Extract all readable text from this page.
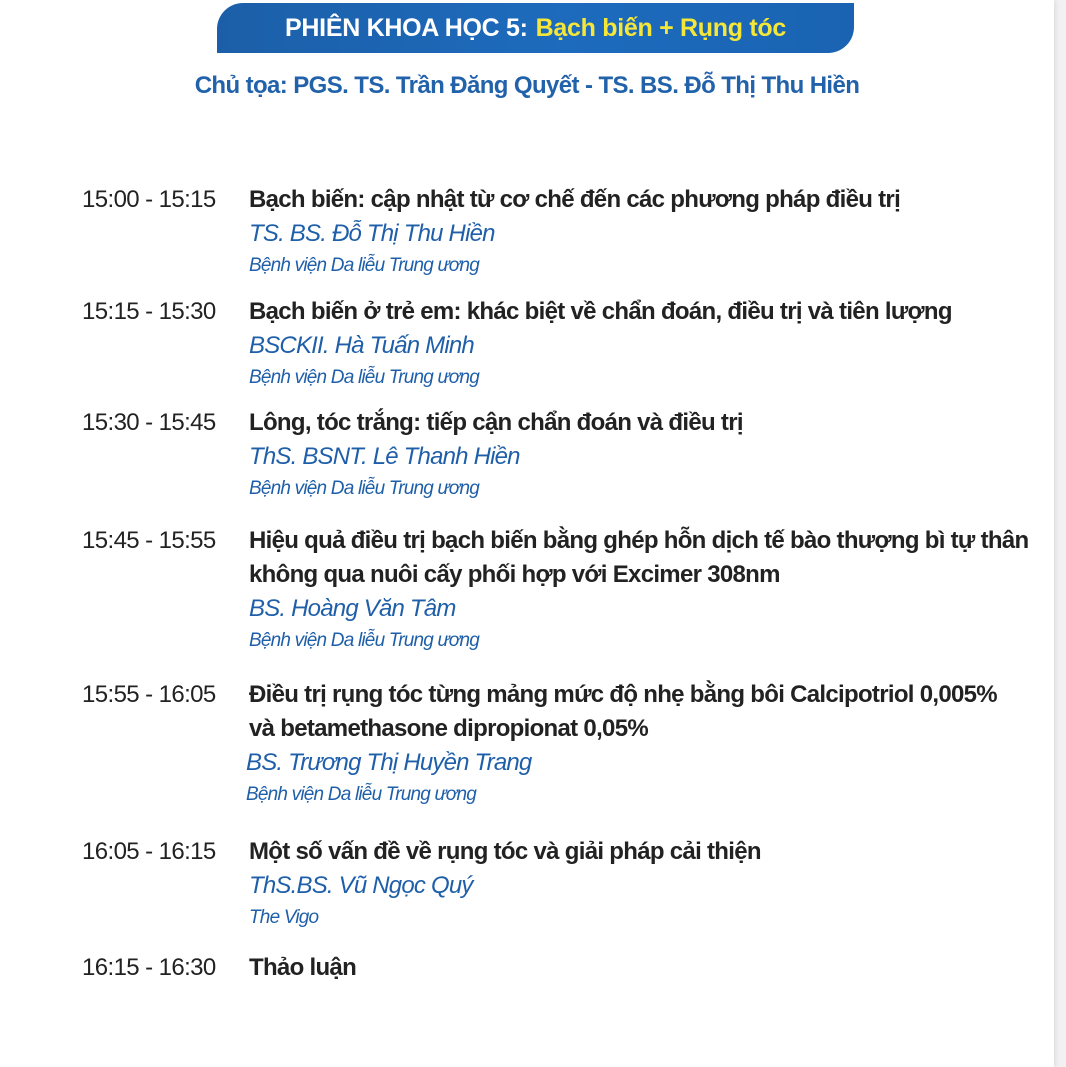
PHIÊN KHOA HỌC 5: Bạch biến + Rụng tóc
Chủ tọa: PGS. TS. Trần Đăng Quyết - TS. BS. Đỗ Thị Thu Hiền
15:00 - 15:15 Bạch biến: cập nhật từ cơ chế đến các phương pháp điều trị
TS. BS. Đỗ Thị Thu Hiền
Bệnh viện Da liễu Trung ương
15:15 - 15:30 Bạch biến ở trẻ em: khác biệt về chẩn đoán, điều trị và tiên lượng
BSCKII. Hà Tuấn Minh
Bệnh viện Da liễu Trung ương
15:30 - 15:45 Lông, tóc trắng: tiếp cận chẩn đoán và điều trị
ThS. BSNT. Lê Thanh Hiền
Bệnh viện Da liễu Trung ương
15:45 - 15:55 Hiệu quả điều trị bạch biến bằng ghép hỗn dịch tế bào thượng bì tự thân
không qua nuôi cấy phối hợp với Excimer 308nm
BS. Hoàng Văn Tâm
Bệnh viện Da liễu Trung ương
15:55 - 16:05 Điều trị rụng tóc từng mảng mức độ nhẹ bằng bôi Calcipotriol 0,005%
và betamethasone dipropionat 0,05%
BS. Trương Thị Huyền Trang
Bệnh viện Da liễu Trung ương
16:05 - 16:15 Một số vấn đề về rụng tóc và giải pháp cải thiện
ThS.BS. Vũ Ngọc Quý
The Vigo
16:15 - 16:30 Thảo luận
